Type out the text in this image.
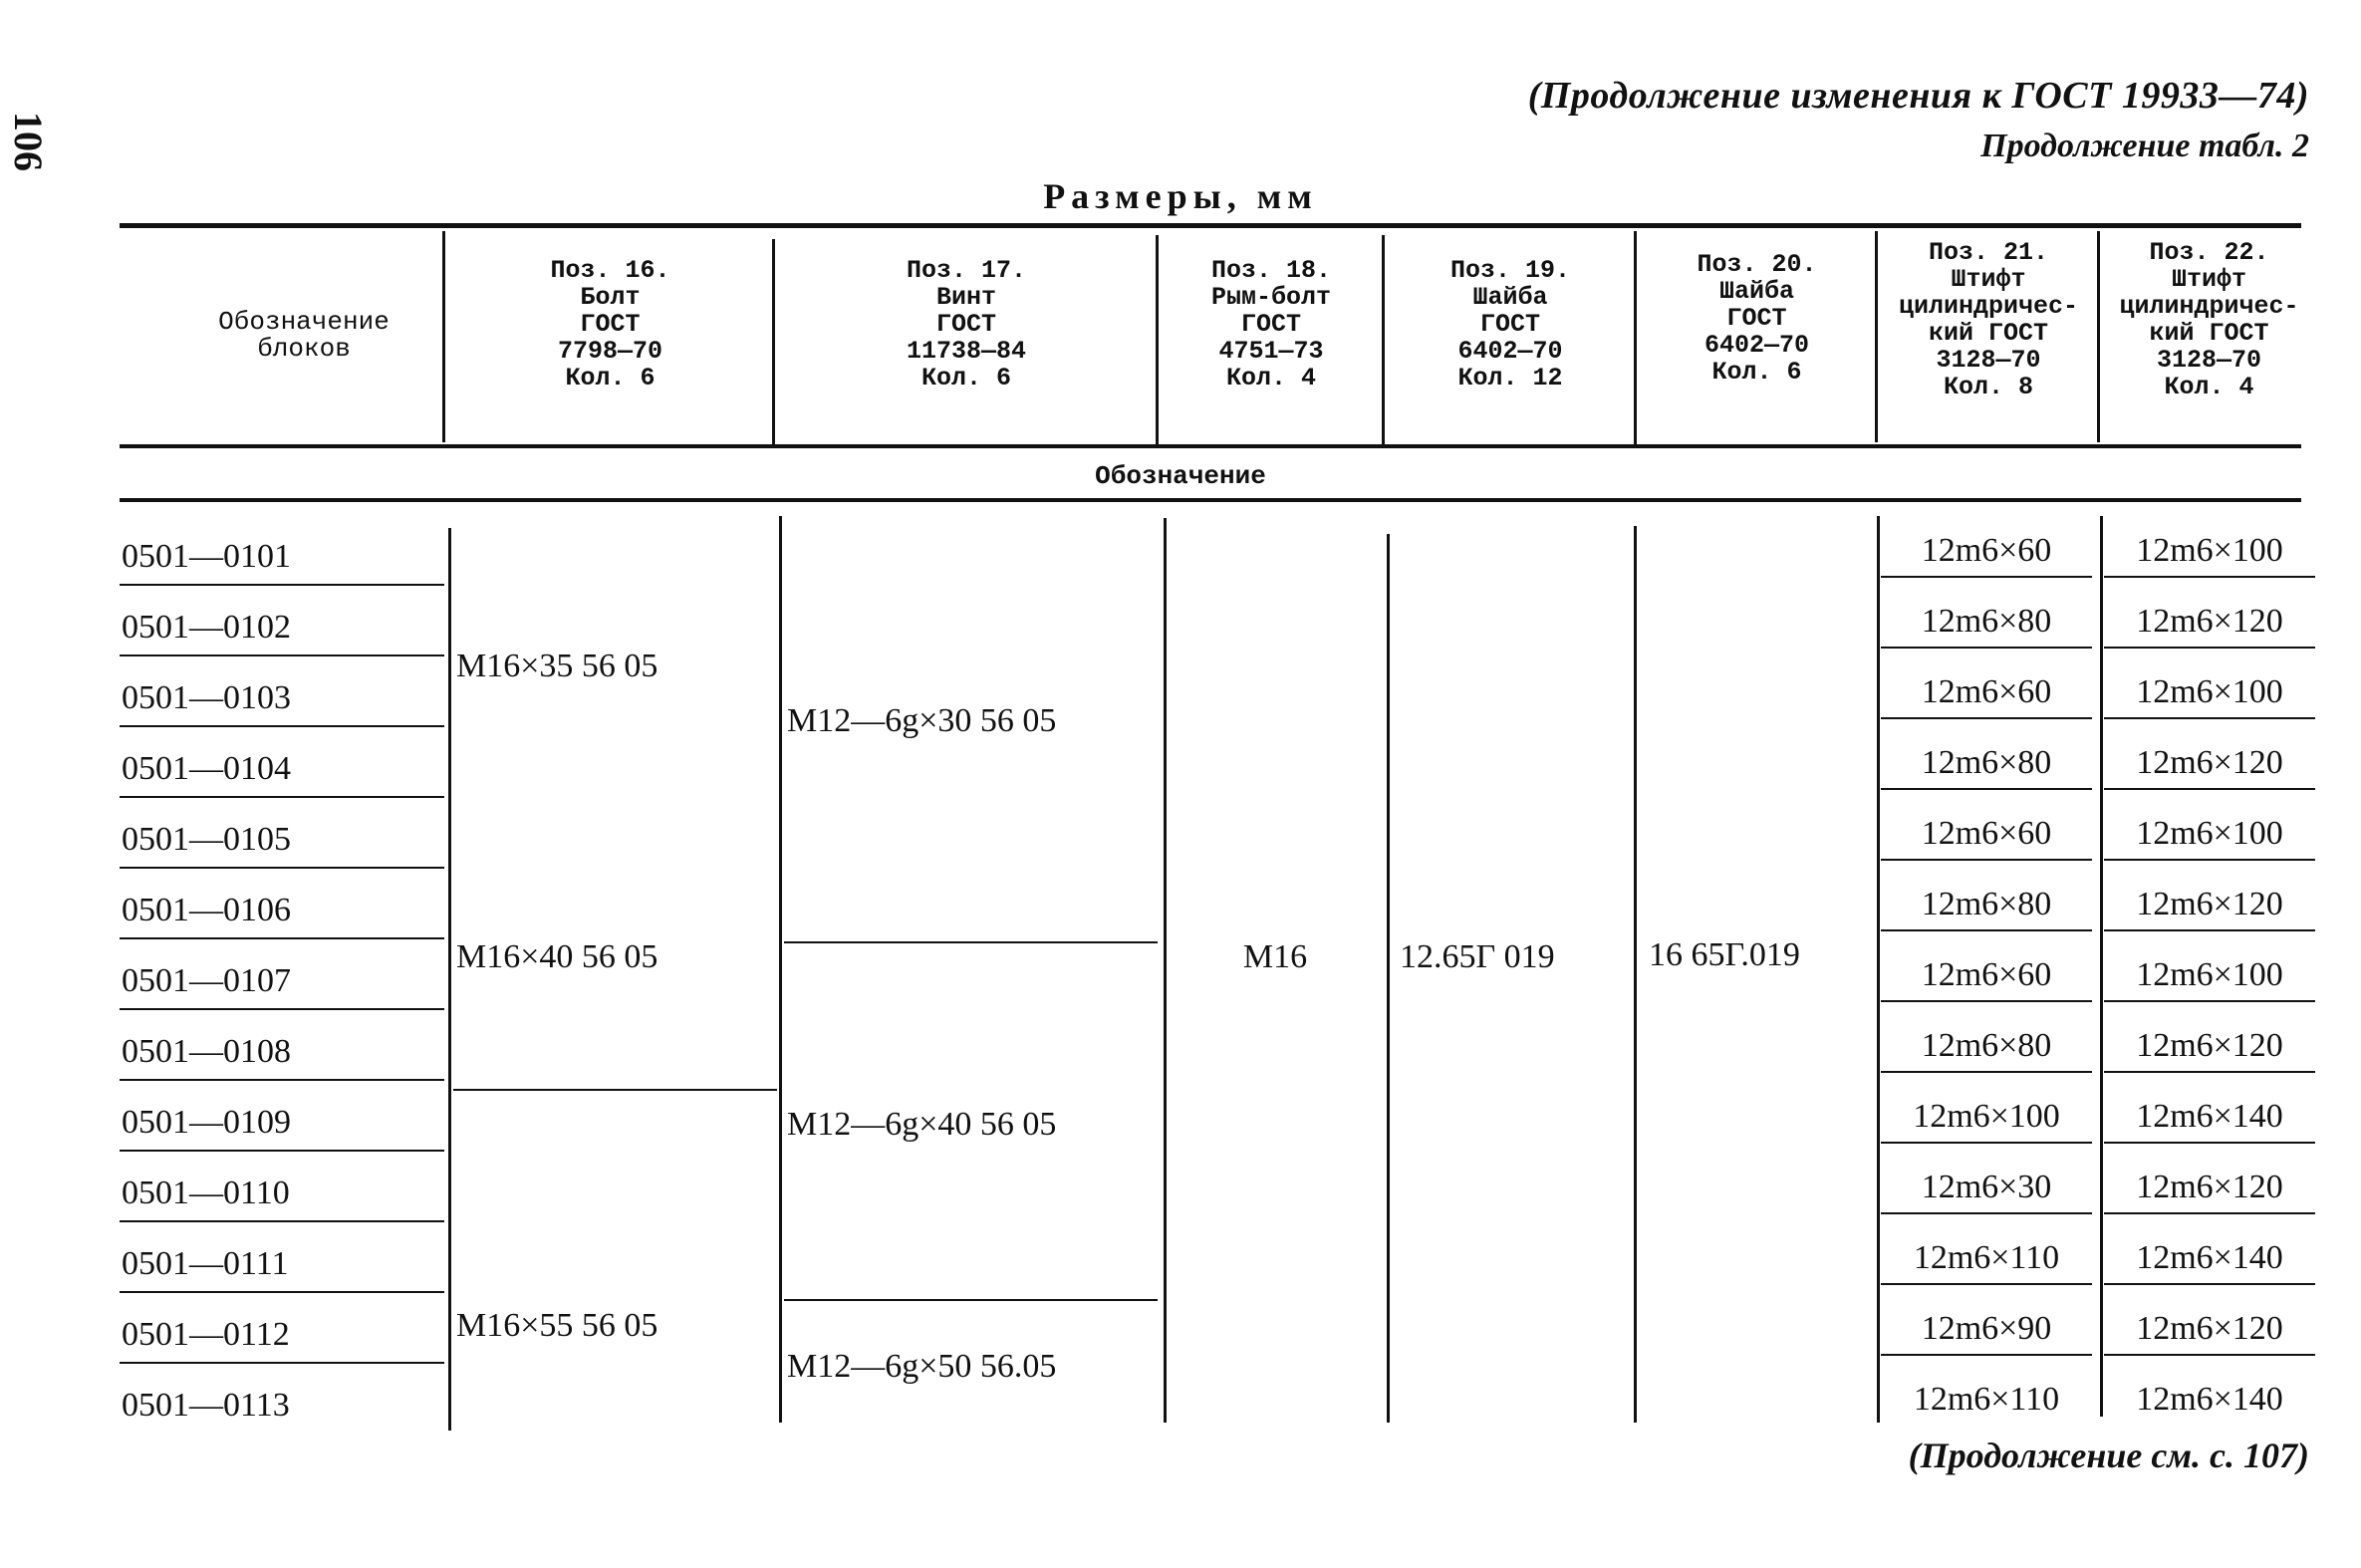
106
(Продолжение изменения к ГОСТ 19933—74)
Продолжение табл. 2
Размеры, мм
Обозначение
блоков
Поз. 16.
Болт
ГОСТ
7798—70
Кол. 6
Поз. 17.
Винт
ГОСТ
11738—84
Кол. 6
Поз. 18.
Рым-болт
ГОСТ
4751—73
Кол. 4
Поз. 19.
Шайба
ГОСТ
6402—70
Кол. 12
Поз. 20.
Шайба
ГОСТ
6402—70
Кол. 6
Поз. 21.
Штифт
цилиндричес-
кий ГОСТ
3128—70
Кол. 8
Поз. 22.
Штифт
цилиндричес-
кий ГОСТ
3128—70
Кол. 4
Обозначение
0501—0101
0501—0102
0501—0103
0501—0104
0501—0105
0501—0106
0501—0107
0501—0108
0501—0109
0501—0110
0501—0111
0501—0112
0501—0113
M16×35 56 05
M16×40 56 05
M16×55 56 05
M12—6g×30 56 05
M12—6g×40 56 05
M12—6g×50 56.05
M16	12.65Г 019	16 65Г.019
12m6×60
12m6×80
12m6×60
12m6×80
12m6×60
12m6×80
12m6×60
12m6×80
12m6×100
12m6×30
12m6×110
12m6×90
12m6×110
12m6×100
12m6×120
12m6×100
12m6×120
12m6×100
12m6×120
12m6×100
12m6×120
12m6×140
12m6×120
12m6×140
12m6×120
12m6×140
(Продолжение см. с. 107)
